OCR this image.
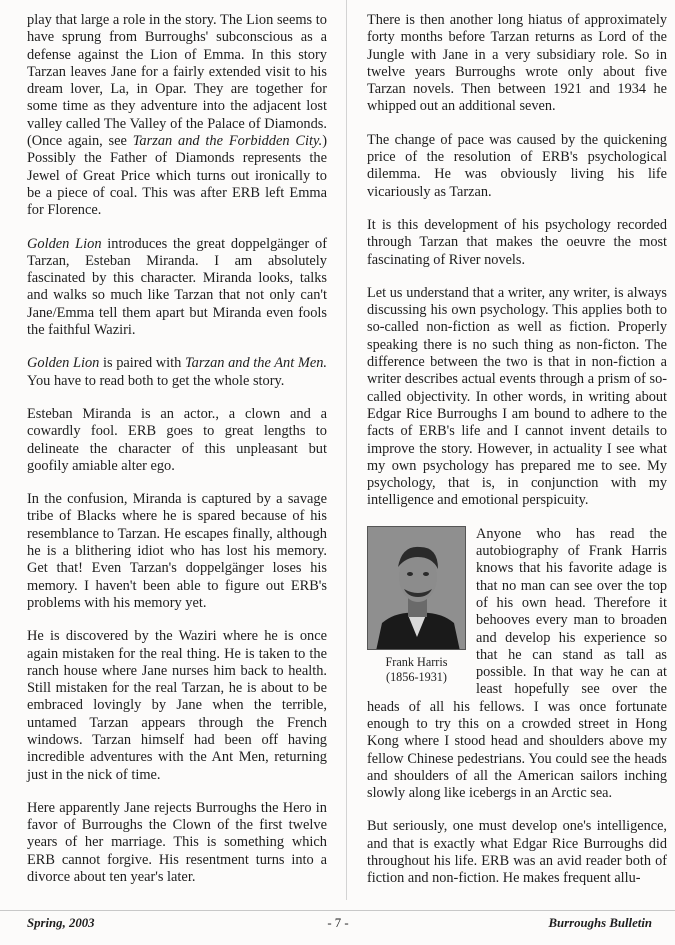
play that large a role in the story. The Lion seems to have sprung from Burroughs' subconscious as a defense against the Lion of Emma. In this story Tarzan leaves Jane for a fairly extended visit to his dream lover, La, in Opar. They are together for some time as they adventure into the adjacent lost valley called The Valley of the Palace of Diamonds. (Once again, see Tarzan and the Forbidden City.) Possibly the Father of Diamonds represents the Jewel of Great Price which turns out ironically to be a piece of coal. This was after ERB left Emma for Florence.

Golden Lion introduces the great doppelgänger of Tarzan, Esteban Miranda. I am absolutely fascinated by this character. Miranda looks, talks and walks so much like Tarzan that not only can't Jane/Emma tell them apart but Miranda even fools the faithful Waziri.

Golden Lion is paired with Tarzan and the Ant Men. You have to read both to get the whole story.

Esteban Miranda is an actor., a clown and a cowardly fool. ERB goes to great lengths to delineate the character of this unpleasant but goofily amiable alter ego.

In the confusion, Miranda is captured by a savage tribe of Blacks where he is spared because of his resemblance to Tarzan. He escapes finally, although he is a blithering idiot who has lost his memory. Get that! Even Tarzan's doppelgänger loses his memory. I haven't been able to figure out ERB's problems with his memory yet.

He is discovered by the Waziri where he is once again mistaken for the real thing. He is taken to the ranch house where Jane nurses him back to health. Still mistaken for the real Tarzan, he is about to be embraced lovingly by Jane when the terrible, untamed Tarzan appears through the French windows. Tarzan himself had been off having incredible adventures with the Ant Men, returning just in the nick of time.

Here apparently Jane rejects Burroughs the Hero in favor of Burroughs the Clown of the first twelve years of her marriage. This is something which ERB cannot forgive. His resentment turns into a divorce about ten year's later.

There is then another long hiatus of approximately forty months before Tarzan returns as Lord of the Jungle with Jane in a very subsidiary role. So in twelve years Burroughs wrote only about five Tarzan novels. Then between 1921 and 1934 he whipped out an additional seven.

The change of pace was caused by the quickening price of the resolution of ERB's psychological dilemma. He was obviously living his life vicariously as Tarzan.

It is this development of his psychology recorded through Tarzan that makes the oeuvre the most fascinating of River novels.

Let us understand that a writer, any writer, is always discussing his own psychology. This applies both to so-called non-fiction as well as fiction. Properly speaking there is no such thing as non-ficton. The difference between the two is that in non-fiction a writer describes actual events through a prism of so-called objectivity. In other words, in writing about Edgar Rice Burroughs I am bound to adhere to the facts of ERB's life and I cannot invent details to improve the story. However, in actuality I see what my own psychology has prepared me to see. My psychology, that is, in conjunction with my intelligence and emotional perspicuity.

Frank Harris
(1856-1931)

Anyone who has read the autobiography of Frank Harris knows that his favorite adage is that no man can see over the top of his own head. Therefore it behooves every man to broaden and develop his experience so that he can stand as tall as possible. In that way he can at least hopefully see over the heads of all his fellows. I was once fortunate enough to try this on a crowded street in Hong Kong where I stood head and shoulders above my fellow Chinese pedestrians. You could see the heads and shoulders of all the American sailors inching slowly along like icebergs in an Arctic sea.

But seriously, one must develop one's intelligence, and that is exactly what Edgar Rice Burroughs did throughout his life. ERB was an avid reader both of fiction and non-fiction. He makes frequent allu-

Spring, 2003	- 7 -	Burroughs Bulletin
